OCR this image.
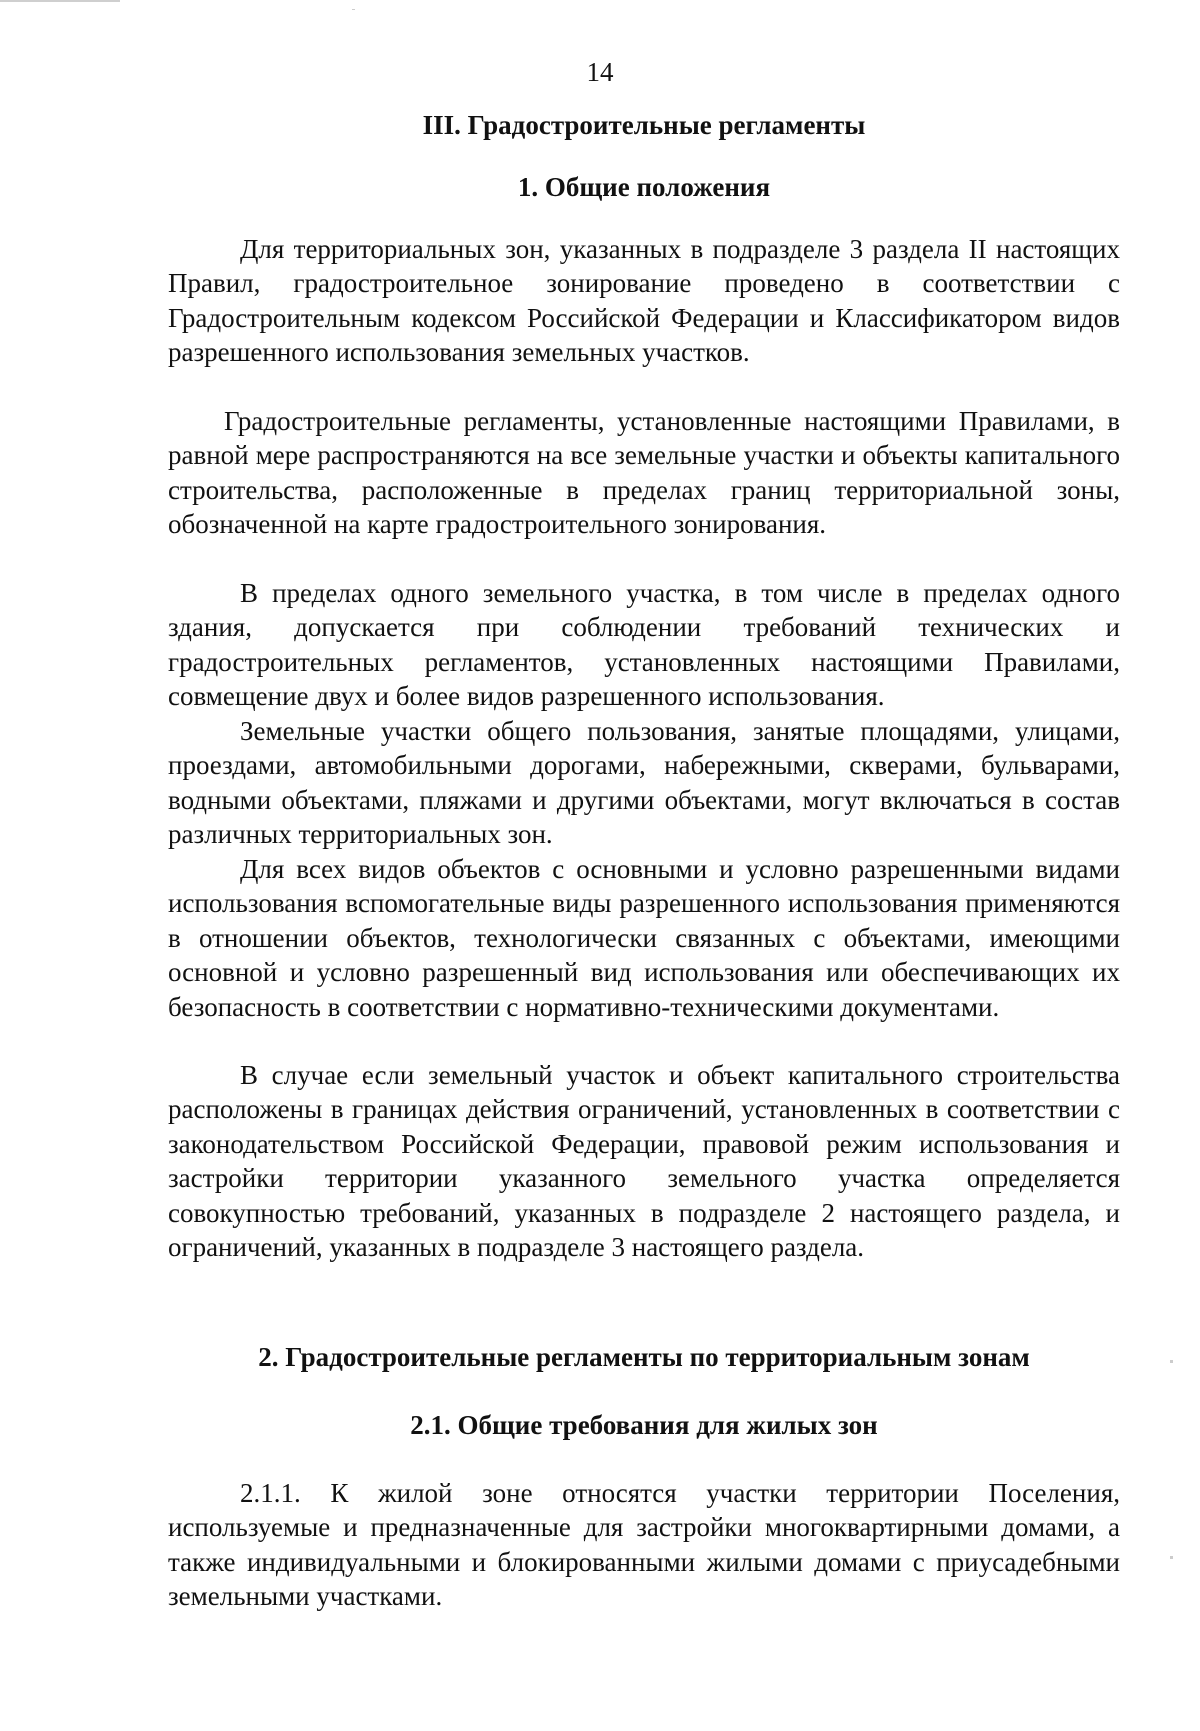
14
III. Градостроительные регламенты
1. Общие положения

Для территориальных зон, указанных в подразделе 3 раздела II настоящих Правил, градостроительное зонирование проведено в соответствии с Градостроительным кодексом Российской Федерации и Классификатором видов разрешенного использования земельных участков.

Градостроительные регламенты, установленные настоящими Правилами, в равной мере распространяются на все земельные участки и объекты капитального строительства, расположенные в пределах границ территориальной зоны, обозначенной на карте градостроительного зонирования.

В пределах одного земельного участка, в том числе в пределах одного здания, допускается при соблюдении требований технических и градостроительных регламентов, установленных настоящими Правилами, совмещение двух и более видов разрешенного использования.

Земельные участки общего пользования, занятые площадями, улицами, проездами, автомобильными дорогами, набережными, скверами, бульварами, водными объектами, пляжами и другими объектами, могут включаться в состав различных территориальных зон.

Для всех видов объектов с основными и условно разрешенными видами использования вспомогательные виды разрешенного использования применяются в отношении объектов, технологически связанных с объектами, имеющими основной и условно разрешенный вид использования или обеспечивающих их безопасность в соответствии с нормативно-техническими документами.

В случае если земельный участок и объект капитального строительства расположены в границах действия ограничений, установленных в соответствии с законодательством Российской Федерации, правовой режим использования и застройки территории указанного земельного участка определяется совокупностью требований, указанных в подразделе 2 настоящего раздела, и ограничений, указанных в подразделе 3 настоящего раздела.

2. Градостроительные регламенты по территориальным зонам
2.1. Общие требования для жилых зон

2.1.1. К жилой зоне относятся участки территории Поселения, используемые и предназначенные для застройки многоквартирными домами, а также индивидуальными и блокированными жилыми домами с приусадебными земельными участками.
